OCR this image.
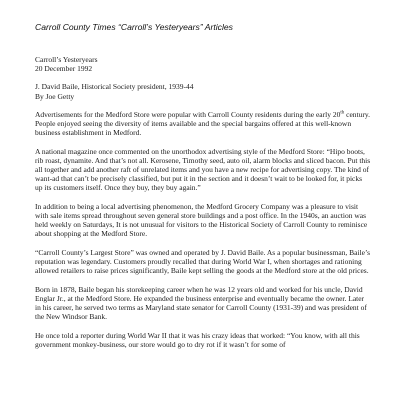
Carroll County Times “Carroll’s Yesteryears” Articles
Carroll’s Yesteryears
20 December 1992
J. David Baile, Historical Society president, 1939-44
By Joe Getty

Advertisements for the Medford Store were popular with Carroll County residents during the early 20th century. People enjoyed seeing the diversity of items available and the special bargains offered at this well-known business establishment in Medford.

A national magazine once commented on the unorthodox advertising style of the Medford Store: “Hipo boots, rib roast, dynamite. And that’s not all. Kerosene, Timothy seed, auto oil, alarm blocks and sliced bacon. Put this all together and add another raft of unrelated items and you have a new recipe for advertising copy. The kind of want-ad that can’t be precisely classified, but put it in the section and it doesn’t wait to be looked for, it picks up its customers itself. Once they buy, they buy again.”

In addition to being a local advertising phenomenon, the Medford Grocery Company was a pleasure to visit with sale items spread throughout seven general store buildings and a post office. In the 1940s, an auction was held weekly on Saturdays, It is not unusual for visitors to the Historical Society of Carroll County to reminisce about shopping at the Medford Store.

“Carroll County’s Largest Store” was owned and operated by J. David Baile. As a popular businessman, Baile’s reputation was legendary. Customers proudly recalled that during World War I, when shortages and rationing allowed retailers to raise prices significantly, Baile kept selling the goods at the Medford store at the old prices.

Born in 1878, Baile began his storekeeping career when he was 12 years old and worked for his uncle, David Englar Jr., at the Medford Store. He expanded the business enterprise and eventually became the owner. Later in his career, he served two terms as Maryland state senator for Carroll County (1931-39) and was president of the New Windsor Bank.

He once told a reporter during World War II that it was his crazy ideas that worked: “You know, with all this government monkey-business, our store would go to dry rot if it wasn’t for some of
